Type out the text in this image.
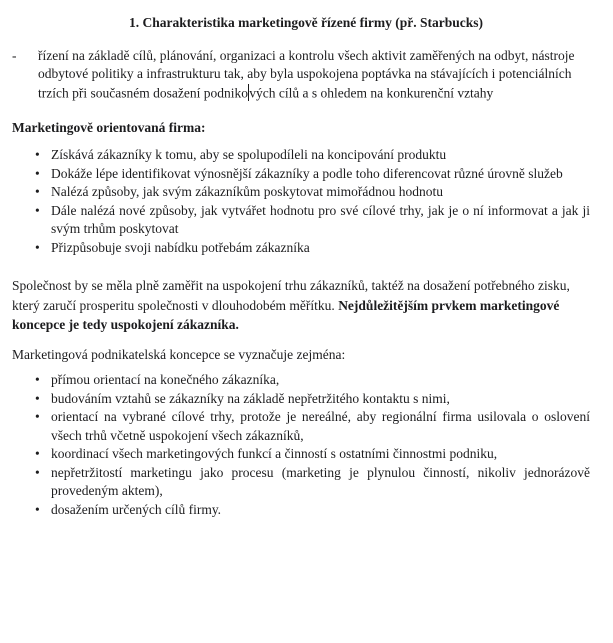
1. Charakteristika marketingově řízené firmy (př. Starbucks)
-	řízení na základě cílů, plánování, organizaci a kontrolu všech aktivit zaměřených na odbyt, nástroje odbytové politiky a infrastrukturu tak, aby byla uspokojena poptávka na stávajících i potenciálních trzích při současném dosažení podnikových cílů a s ohledem na konkurenční vztahy
Marketingově orientovaná firma:
• Získává zákazníky k tomu, aby se spolupodíleli na koncipování produktu
• Dokáže lépe identifikovat výnosnější zákazníky a podle toho diferencovat různé úrovně služeb
• Nalézá způsoby, jak svým zákazníkům poskytovat mimořádnou hodnotu
• Dále nalézá nové způsoby, jak vytvářet hodnotu pro své cílové trhy, jak je o ní informovat a jak ji svým trhům poskytovat
• Přizpůsobuje svoji nabídku potřebám zákazníka
Společnost by se měla plně zaměřit na uspokojení trhu zákazníků, taktéž na dosažení potřebného zisku, který zaručí prosperitu společnosti v dlouhodobém měřítku. Nejdůležitějším prvkem marketingové koncepce je tedy uspokojení zákazníka.
Marketingová podnikatelská koncepce se vyznačuje zejména:
• přímou orientací na konečného zákazníka,
• budováním vztahů se zákazníky na základě nepřetržitého kontaktu s nimi,
• orientací na vybrané cílové trhy, protože je nereálné, aby regionální firma usilovala o oslovení všech trhů včetně uspokojení všech zákazníků,
• koordinací všech marketingových funkcí a činností s ostatními činnostmi podniku,
• nepřetržitostí marketingu jako procesu (marketing je plynulou činností, nikoliv jednorázově provedeným aktem),
• dosažením určených cílů firmy.
